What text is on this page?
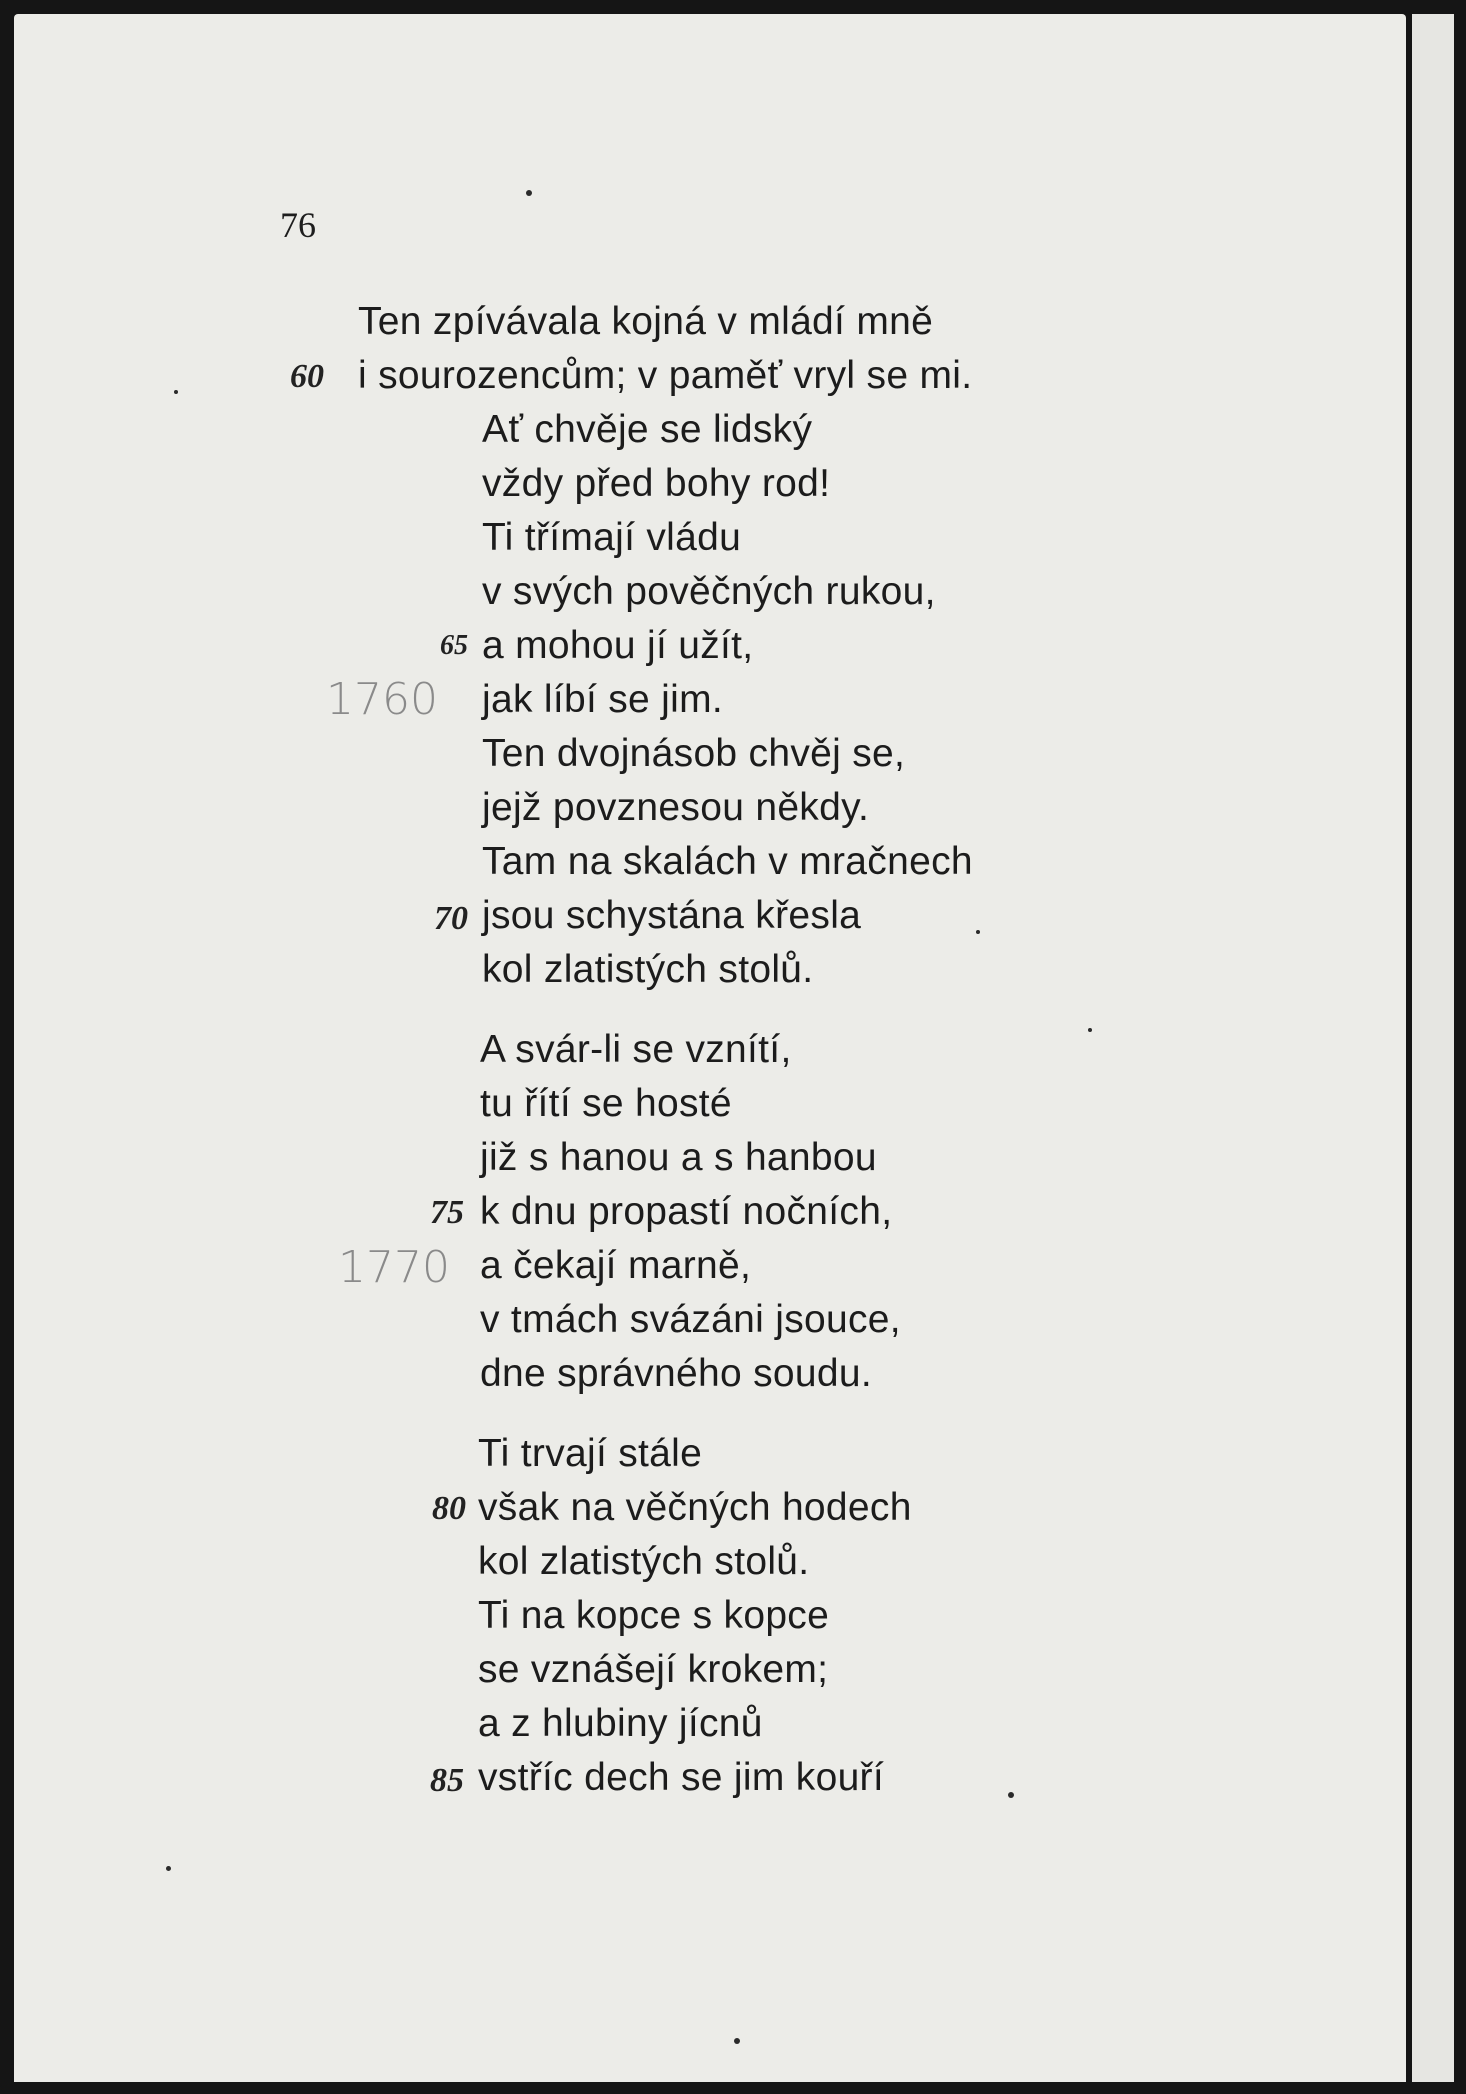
76
Ten zpívávala kojná v mládí mně
i sourozencům; v paměť vryl se mi.
Ať chvěje se lidský
vždy před bohy rod!
Ti třímají vládu
v svých pověčných rukou,
a mohou jí užít,
jak líbí se jim.
Ten dvojnásob chvěj se,
jejž povznesou někdy.
Tam na skalách v mračnech
jsou schystána křesla
kol zlatistých stolů.
A svár-li se vznítí,
tu řítí se hosté
již s hanou a s hanbou
k dnu propastí nočních,
a čekají marně,
v tmách svázáni jsouce,
dne správného soudu.
Ti trvají stále
však na věčných hodech
kol zlatistých stolů.
Ti na kopce s kopce
se vznášejí krokem;
a z hlubiny jícnů
vstříc dech se jim kouří
60
65
70
75
80
85
1760
1770
